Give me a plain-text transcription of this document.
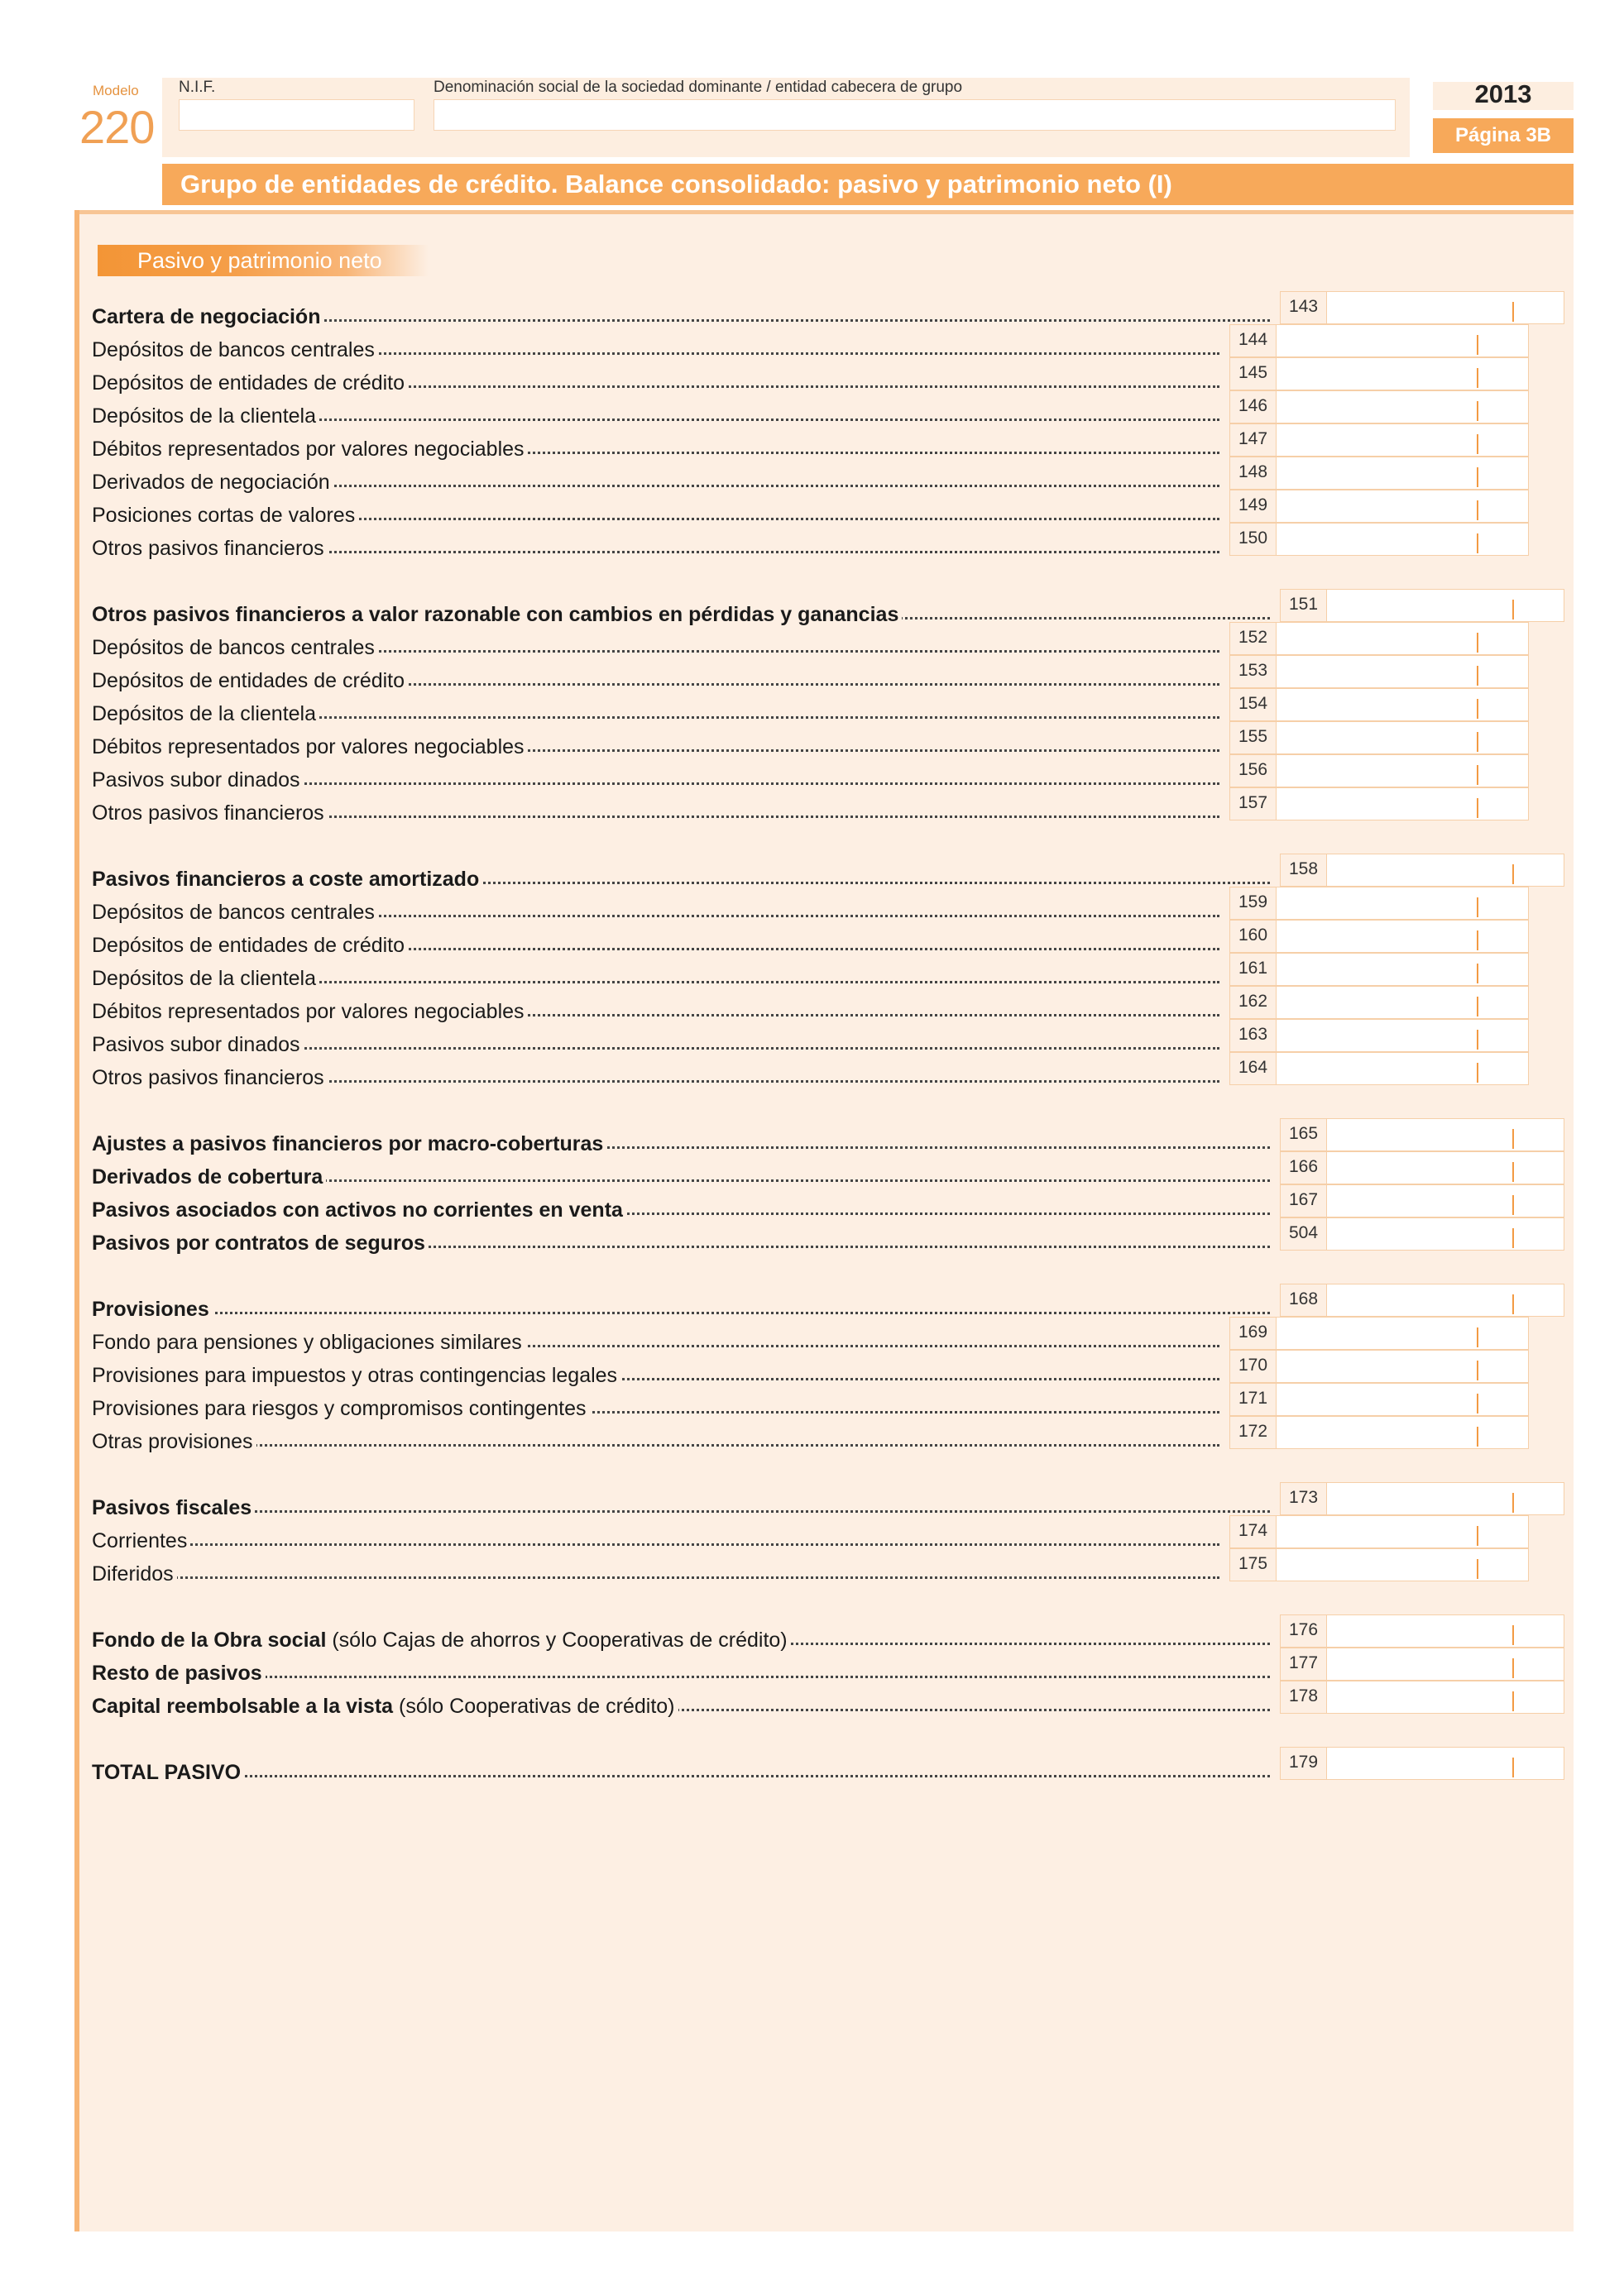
Modelo
220
N.I.F.	Denominación social de la sociedad dominante / entidad cabecera de grupo	2013
Página 3B
Grupo de entidades de crédito. Balance consolidado: pasivo y patrimonio neto (I)
Pasivo y patrimonio neto
Cartera de negociación	143
Depósitos de bancos centrales	144
Depósitos de entidades de crédito	145
Depósitos de la clientela	146
Débitos representados por valores negociables	147
Derivados de negociación	148
Posiciones cortas de valores	149
Otros pasivos financieros	150
Otros pasivos financieros a valor razonable con cambios en pérdidas y ganancias	151
Depósitos de bancos centrales	152
Depósitos de entidades de crédito	153
Depósitos de la clientela	154
Débitos representados por valores negociables	155
Pasivos subor dinados	156
Otros pasivos financieros	157
Pasivos financieros a coste amortizado	158
Depósitos de bancos centrales	159
Depósitos de entidades de crédito	160
Depósitos de la clientela	161
Débitos representados por valores negociables	162
Pasivos subor dinados	163
Otros pasivos financieros	164
Ajustes a pasivos financieros por macro-coberturas	165
Derivados de cobertura	166
Pasivos asociados con activos no corrientes en venta	167
Pasivos por contratos de seguros	504
Provisiones	168
Fondo para pensiones y obligaciones similares	169
Provisiones para impuestos y otras contingencias legales	170
Provisiones para riesgos y compromisos contingentes	171
Otras provisiones	172
Pasivos fiscales	173
Corrientes	174
Diferidos	175
Fondo de la Obra social (sólo Cajas de ahorros y Cooperativas de crédito)	176
Resto de pasivos	177
Capital reembolsable a la vista (sólo Cooperativas de crédito)	178
TOTAL PASIVO	179
